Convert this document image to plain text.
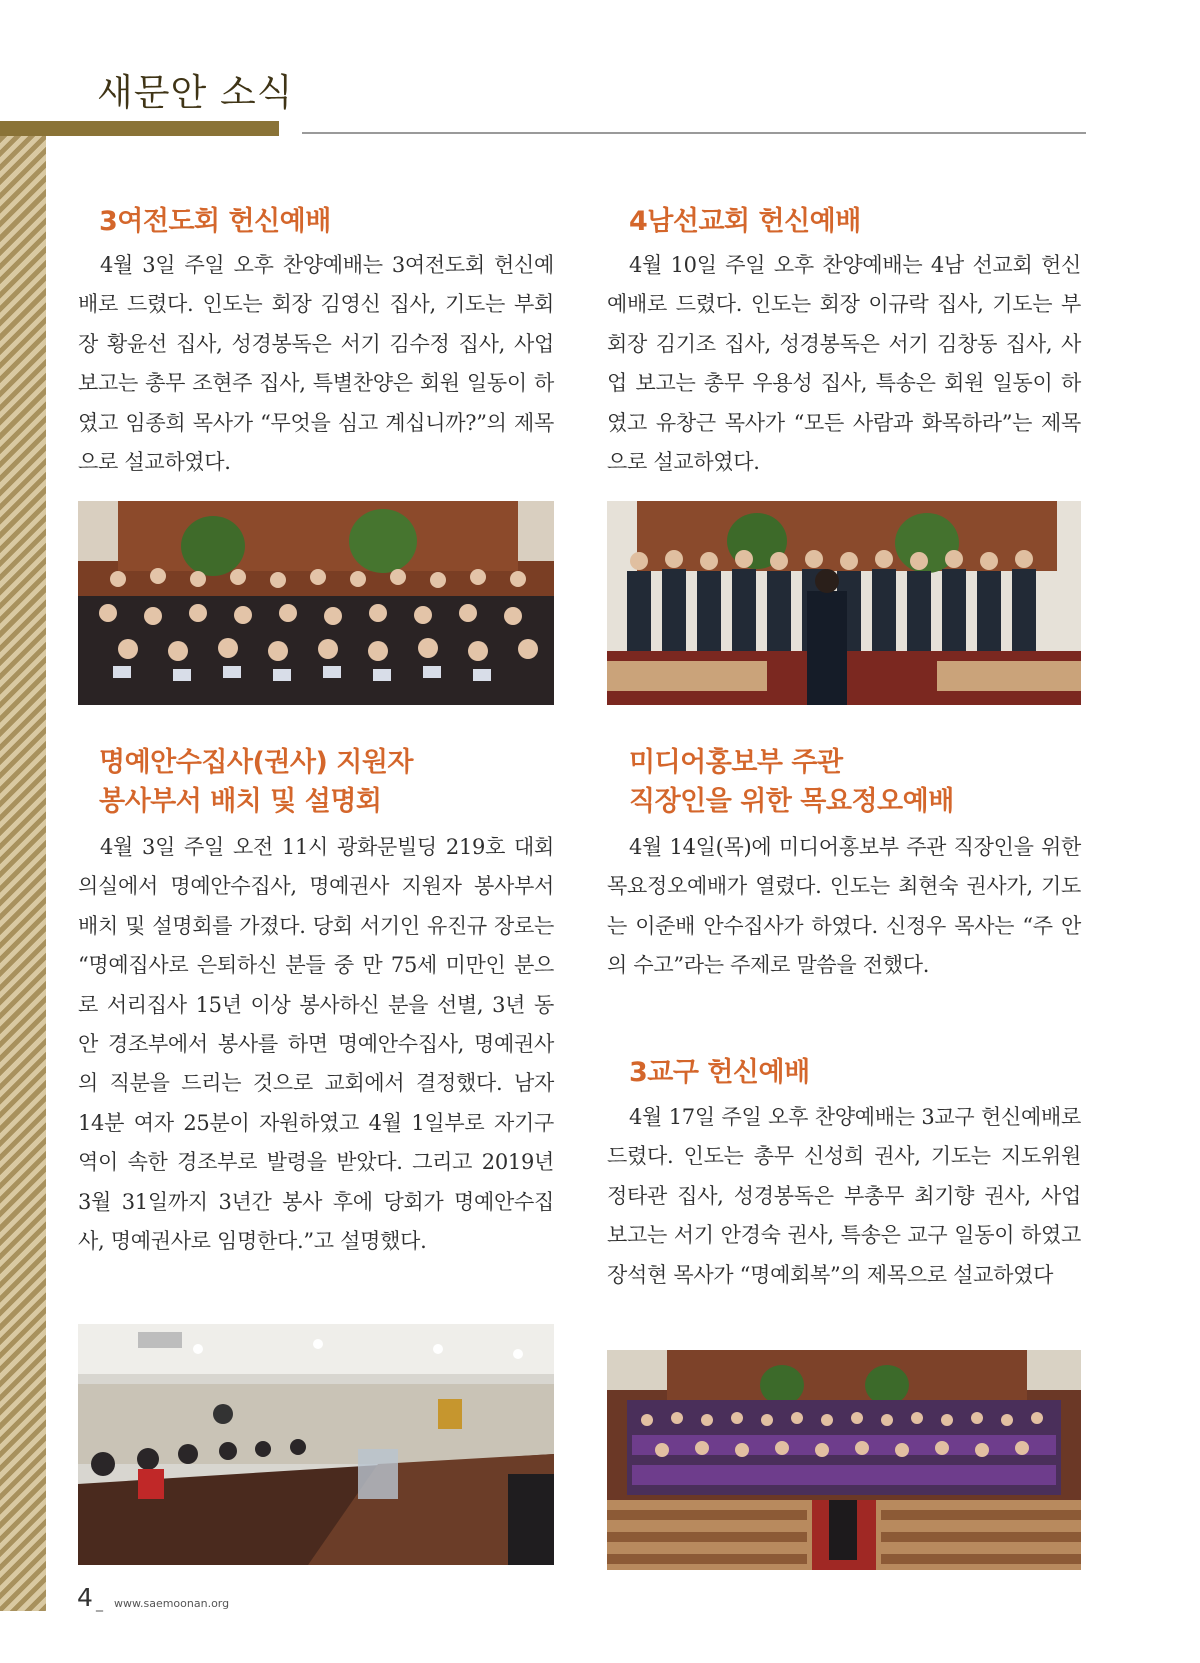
새문안 소식
3여전도회 헌신예배

4월 3일 주일 오후 찬양예배는 3여전도회 헌신예배로 드렸다. 인도는 회장 김영신 집사, 기도는 부회장 황윤선 집사, 성경봉독은 서기 김수정 집사, 사업 보고는 총무 조현주 집사, 특별찬양은 회원 일동이 하였고 임종희 목사가 “무엇을 심고 계십니까?”의 제목으로 설교하였다.

4남선교회 헌신예배

4월 10일 주일 오후 찬양예배는 4남 선교회 헌신예배로 드렸다. 인도는 회장 이규락 집사, 기도는 부회장 김기조 집사, 성경봉독은 서기 김창동 집사, 사업 보고는 총무 우용성 집사, 특송은 회원 일동이 하였고 유창근 목사가 “모든 사람과 화목하라”는 제목으로 설교하였다.

명예안수집사(권사) 지원자
봉사부서 배치 및 설명회

4월 3일 주일 오전 11시 광화문빌딩 219호 대회의실에서 명예안수집사, 명예권사 지원자 봉사부서 배치 및 설명회를 가졌다. 당회 서기인 유진규 장로는 “명예집사로 은퇴하신 분들 중 만 75세 미만인 분으로 서리집사 15년 이상 봉사하신 분을 선별, 3년 동안 경조부에서 봉사를 하면 명예안수집사, 명예권사의 직분을 드리는 것으로 교회에서 결정했다. 남자 14분 여자 25분이 자원하였고 4월 1일부로 자기구역이 속한 경조부로 발령을 받았다. 그리고 2019년 3월 31일까지 3년간 봉사 후에 당회가 명예안수집사, 명예권사로 임명한다.”고 설명했다.

미디어홍보부 주관
직장인을 위한 목요정오예배

4월 14일(목)에 미디어홍보부 주관 직장인을 위한 목요정오예배가 열렸다. 인도는 최현숙 권사가, 기도는 이준배 안수집사가 하였다. 신정우 목사는 “주 안의 수고”라는 주제로 말씀을 전했다.

3교구 헌신예배

4월 17일 주일 오후 찬양예배는 3교구 헌신예배로 드렸다. 인도는 총무 신성희 권사, 기도는 지도위원 정타관 집사, 성경봉독은 부총무 최기향 권사, 사업 보고는 서기 안경숙 권사, 특송은 교구 일동이 하였고 장석현 목사가 “명예회복”의 제목으로 설교하였다

4 _ www.saemoonan.org
